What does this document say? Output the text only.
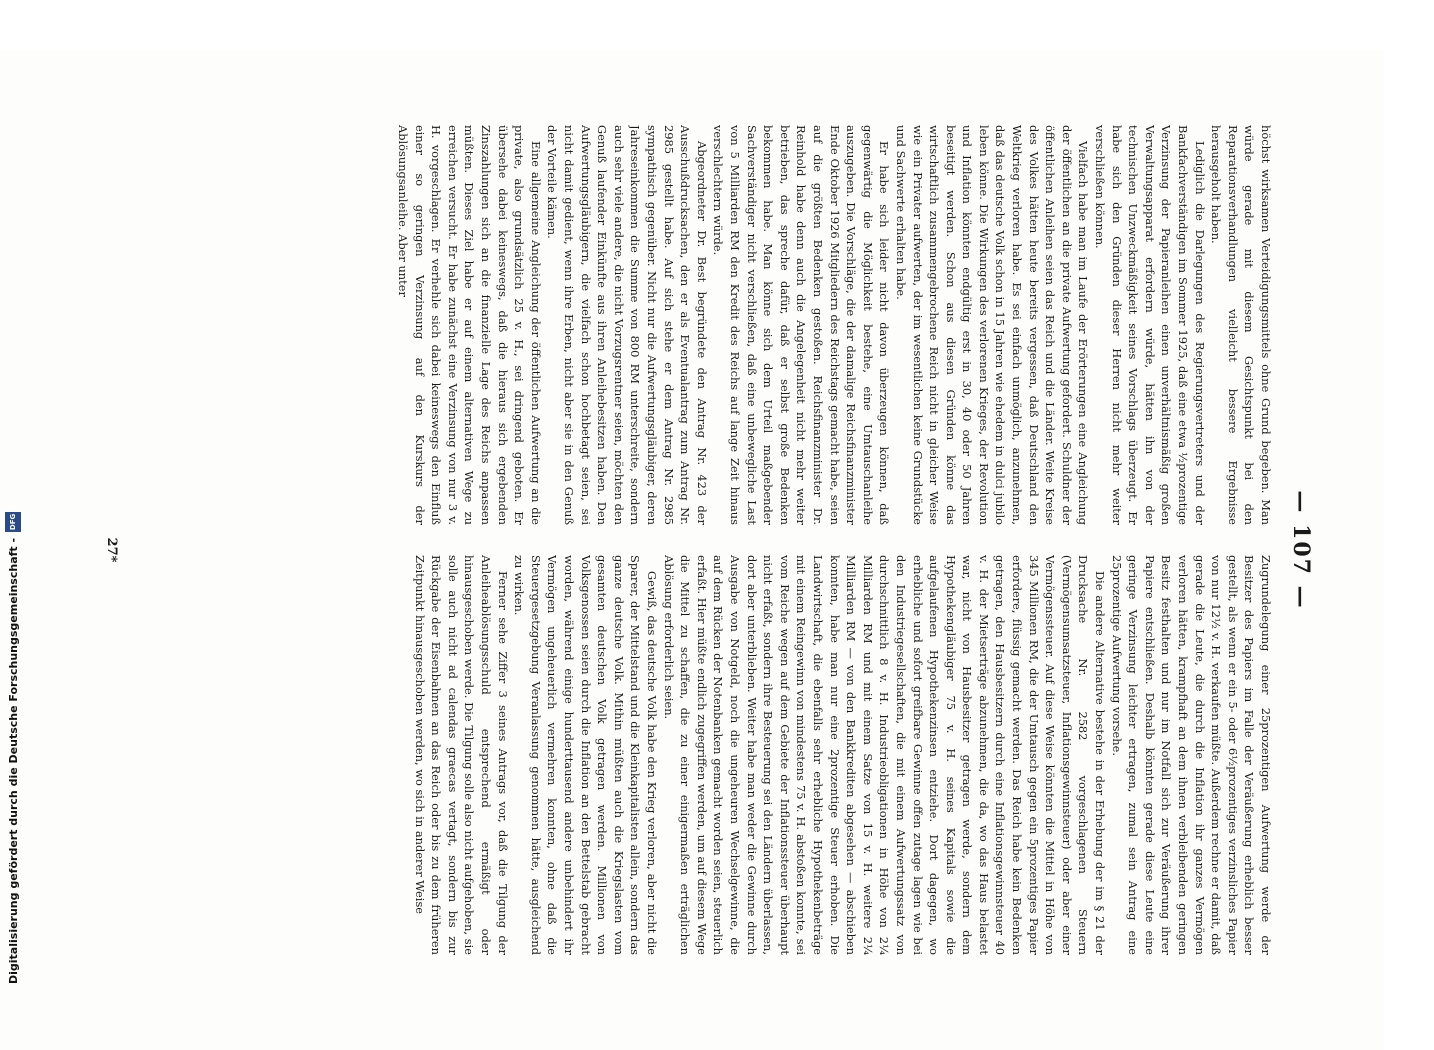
— 107 —

höchst wirksamen Verteidigungsmittels ohne Grund begeben. Man würde gerade mit diesem Gesichtspunkt bei den Reparationsverhandlungen vielleicht bessere Ergebnisse herausgeholt haben.

Lediglich die Darlegungen des Regierungsvertreters und der Bankfachverständigen im Sommer 1925, daß eine etwa ½prozentige Verzinsung der Papieranleihen einen unverhältnismäßig großen Verwaltungsapparat erfordern würde, hätten ihn von der technischen Unzweckmäßigkeit seines Vorschlags überzeugt. Er habe sich den Gründen dieser Herren nicht mehr weiter verschließen können.

Vielfach habe man im Laufe der Erörterungen eine Angleichung der öffentlichen an die private Aufwertung gefordert. Schuldner der öffentlichen Anleihen seien das Reich und die Länder. Weite Kreise des Volkes hätten heute bereits vergessen, daß Deutschland den Weltkrieg verloren habe. Es sei einfach unmöglich, anzunehmen, daß das deutsche Volk schon in 15 Jahren wie ehedem in dulci jubilo leben könne. Die Wirkungen des verlorenen Krieges, der Revolution und Inflation könnten endgültig erst in 30, 40 oder 50 Jahren beseitigt werden. Schon aus diesen Gründen könne das wirtschaftlich zusammengebrochene Reich nicht in gleicher Weise wie ein Privater aufwerten, der im wesentlichen keine Grundstücke und Sachwerte erhalten habe.

Er habe sich leider nicht davon überzeugen können, daß gegenwärtig die Möglichkeit bestehe, eine Umtauschanleihe auszugeben. Die Vorschläge, die der damalige Reichsfinanzminister Ende Oktober 1926 Mitgliedern des Reichstags gemacht habe, seien auf die größten Bedenken gestoßen. Reichsfinanzminister Dr. Reinhold habe denn auch die Angelegenheit nicht mehr weiter betrieben, das spreche dafür, daß er selbst große Bedenken bekommen habe. Man könne sich dem Urteil maßgebender Sachverständiger nicht verschließen, daß eine unbewegliche Last von 5 Milliarden RM den Kredit des Reichs auf lange Zeit hinaus verschlechtern würde.

Abgeordneter Dr. Best begründete den Antrag Nr. 423 der Ausschußdrucksachen, den er als Eventualantrag zum Antrag Nr. 2985 gestellt habe. Auf sich stehe er dem Antrag Nr. 2985 sympathisch gegenüber. Nicht nur die Aufwertungsgläubiger, deren Jahreseinkommen die Summe von 800 RM unterschreite, sondern auch sehr viele andere, die nicht Vorzugsrentner seien, möchten den Genuß laufender Einkünfte aus ihren Anleihebesitzen haben. Den Aufwertungsgläubigern, die vielfach schon hochbetagt seien, sei nicht damit gedient, wenn ihre Erben, nicht aber sie in den Genuß der Vorteile kämen.

Eine allgemeine Angleichung der öffentlichen Aufwertung an die private, also grundsätzlich 25 v. H., sei dringend geboten. Er übersehe dabei keineswegs, daß die hieraus sich ergebenden Zinszahlungen sich an die finanzielle Lage des Reichs anpassen müßten. Dieses Ziel habe er auf einem alternativen Wege zu erreichen versucht. Er habe zunächst eine Verzinsung von nur 3 v. H. vorgeschlagen. Er verhehle sich dabei keineswegs den Einfluß einer so geringen Verzinsung auf den Kurskurs der Ablösungsanleihe. Aber unter

Zugrundelegung einer 25prozentigen Aufwertung werde der Besitzer des Papiers im Falle der Veräußerung erheblich besser gestellt, als wenn er ein 5- oder 6½prozentiges verzinsliches Papier von nur 12½ v. H. verkaufen müßte. Außerdem rechne er damit, daß gerade die Leute, die durch die Inflation ihr ganzes Vermögen verloren hätten, krampfhaft an dem ihnen verbleibenden geringen Besitz festhalten und nur im Notfall sich zur Veräußerung ihrer Papiere entschließen. Deshalb könnten gerade diese Leute eine geringe Verzinsung leichter ertragen, zumal sein Antrag eine 25prozentige Aufwertung vorsehe.

Die andere Alternative bestehe in der Erhebung der im § 21 der Drucksache Nr. 2582 vorgeschlagenen Steuern (Vermögensumsatzsteuer, Inflationsgewinnsteuer) oder aber einer Vermögenssteuer. Auf diese Weise könnten die Mittel in Höhe von 345 Millionen RM, die der Umtausch gegen ein 5prozentiges Papier erfordere, flüssig gemacht werden. Das Reich habe kein Bedenken getragen, den Hausbesitzern durch eine Inflationsgewinnsteuer 40 v. H. der Mietserträge abzunehmen, die da, wo das Haus belastet war, nicht von Hausbesitzer getragen werde, sondern dem Hypothekengläubiger 75 v. H. seines Kapitals sowie die aufgelaufenen Hypothekenzinsen entziehe. Dort dagegen, wo erhebliche und sofort greifbare Gewinne offen zutage lagen wie bei den Industriegesellschaften, die mit einem Aufwertungssatz von durchschnittlich 8 v. H. Industrieobligationen in Höhe von 2¼ Milliarden RM und mit einem Satze von 15 v. H. weitere 2¼ Milliarden RM — von den Bankkrediten abgesehen — abschieben konnten, habe man nur eine 2prozentige Steuer erhoben. Die Landwirtschaft, die ebenfalls sehr erhebliche Hypothekenbeträge mit einem Reingewinn von mindestens 75 v. H. abstoßen konnte, sei vom Reiche wegen auf dem Gebiete der Inflationssteuer überhaupt nicht erfaßt, sondern ihre Besteuerung sei den Ländern überlassen, dort aber unterblieben. Weiter habe man weder die Gewinne durch Ausgabe von Notgeld, noch die ungeheuren Wechselgewinne, die auf dem Rücken der Notenbanken gemacht worden seien, steuerlich erfaßt. Hier müßte endlich zugegriffen werden, um auf diesem Wege die Mittel zu schaffen, die zu einer einigermaßen erträglichen Ablösung erforderlich seien.

Gewiß, das deutsche Volk habe den Krieg verloren, aber nicht die Sparer, der Mittelstand und die Kleinkapitalisten allein, sondern das ganze deutsche Volk. Mithin müßten auch die Kriegslasten vom gesamten deutschen Volk getragen werden. Millionen von Volksgenossen seien durch die Inflation an den Bettelstab gebracht worden, während einige hunderttausend andere unbehindert ihr Vermögen ungeheuerlich vermehren konnten, ohne daß die Steuergesetzgebung Veranlassung genommen hätte, ausgleichend zu wirken.

Ferner sehe Ziffer 3 seines Antrags vor, daß die Tilgung der Anleiheablösungsschuld entsprechend ermäßigt oder hinausgeschoben werde. Die Tilgung solle also nicht aufgehoben, sie solle auch nicht ad calendas graecas vertagt, sondern bis zur Rückgabe der Eisenbahnen an das Reich oder bis zu dem früheren Zeitpunkt hinausgeschoben werden, wo sich in anderer Weise

27*
Digitalisierung gefördert durch die Deutsche Forschungsgemeinschaft -
DFG
